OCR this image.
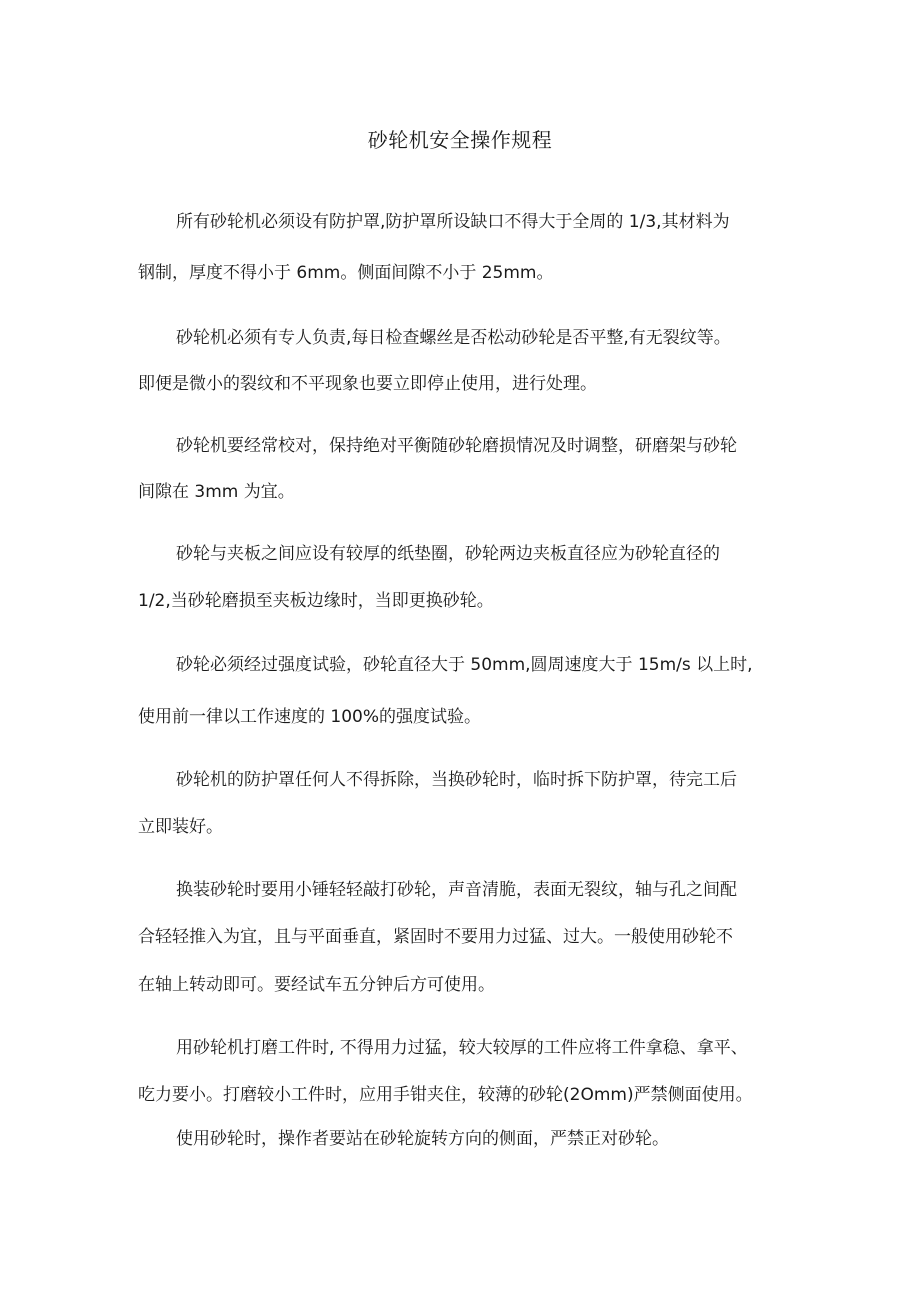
砂轮机安全操作规程
所有砂轮机必须设有防护罩,防护罩所设缺口不得大于全周的 1/3,其材料为
钢制，厚度不得小于 6mm。侧面间隙不小于 25mm。
砂轮机必须有专人负责,每日检查螺丝是否松动砂轮是否平整,有无裂纹等。
即便是微小的裂纹和不平现象也要立即停止使用，进行处理。
砂轮机要经常校对，保持绝对平衡随砂轮磨损情况及时调整，研磨架与砂轮
间隙在 3mm 为宜。
砂轮与夹板之间应设有较厚的纸垫圈，砂轮两边夹板直径应为砂轮直径的
1/2,当砂轮磨损至夹板边缘时，当即更换砂轮。
砂轮必须经过强度试验，砂轮直径大于 50mm,圆周速度大于 15m∕s 以上时,
使用前一律以工作速度的 100%的强度试验。
砂轮机的防护罩任何人不得拆除，当换砂轮时，临时拆下防护罩，待完工后
立即装好。
换装砂轮时要用小锤轻轻敲打砂轮，声音清脆，表面无裂纹，轴与孔之间配
合轻轻推入为宜，且与平面垂直，紧固时不要用力过猛、过大。一般使用砂轮不
在轴上转动即可。要经试车五分钟后方可使用。
用砂轮机打磨工件时, 不得用力过猛，较大较厚的工件应将工件拿稳、拿平、
吃力要小。打磨较小工件时，应用手钳夹住，较薄的砂轮(2Omm)严禁侧面使用。
使用砂轮时，操作者要站在砂轮旋转方向的侧面，严禁正对砂轮。
